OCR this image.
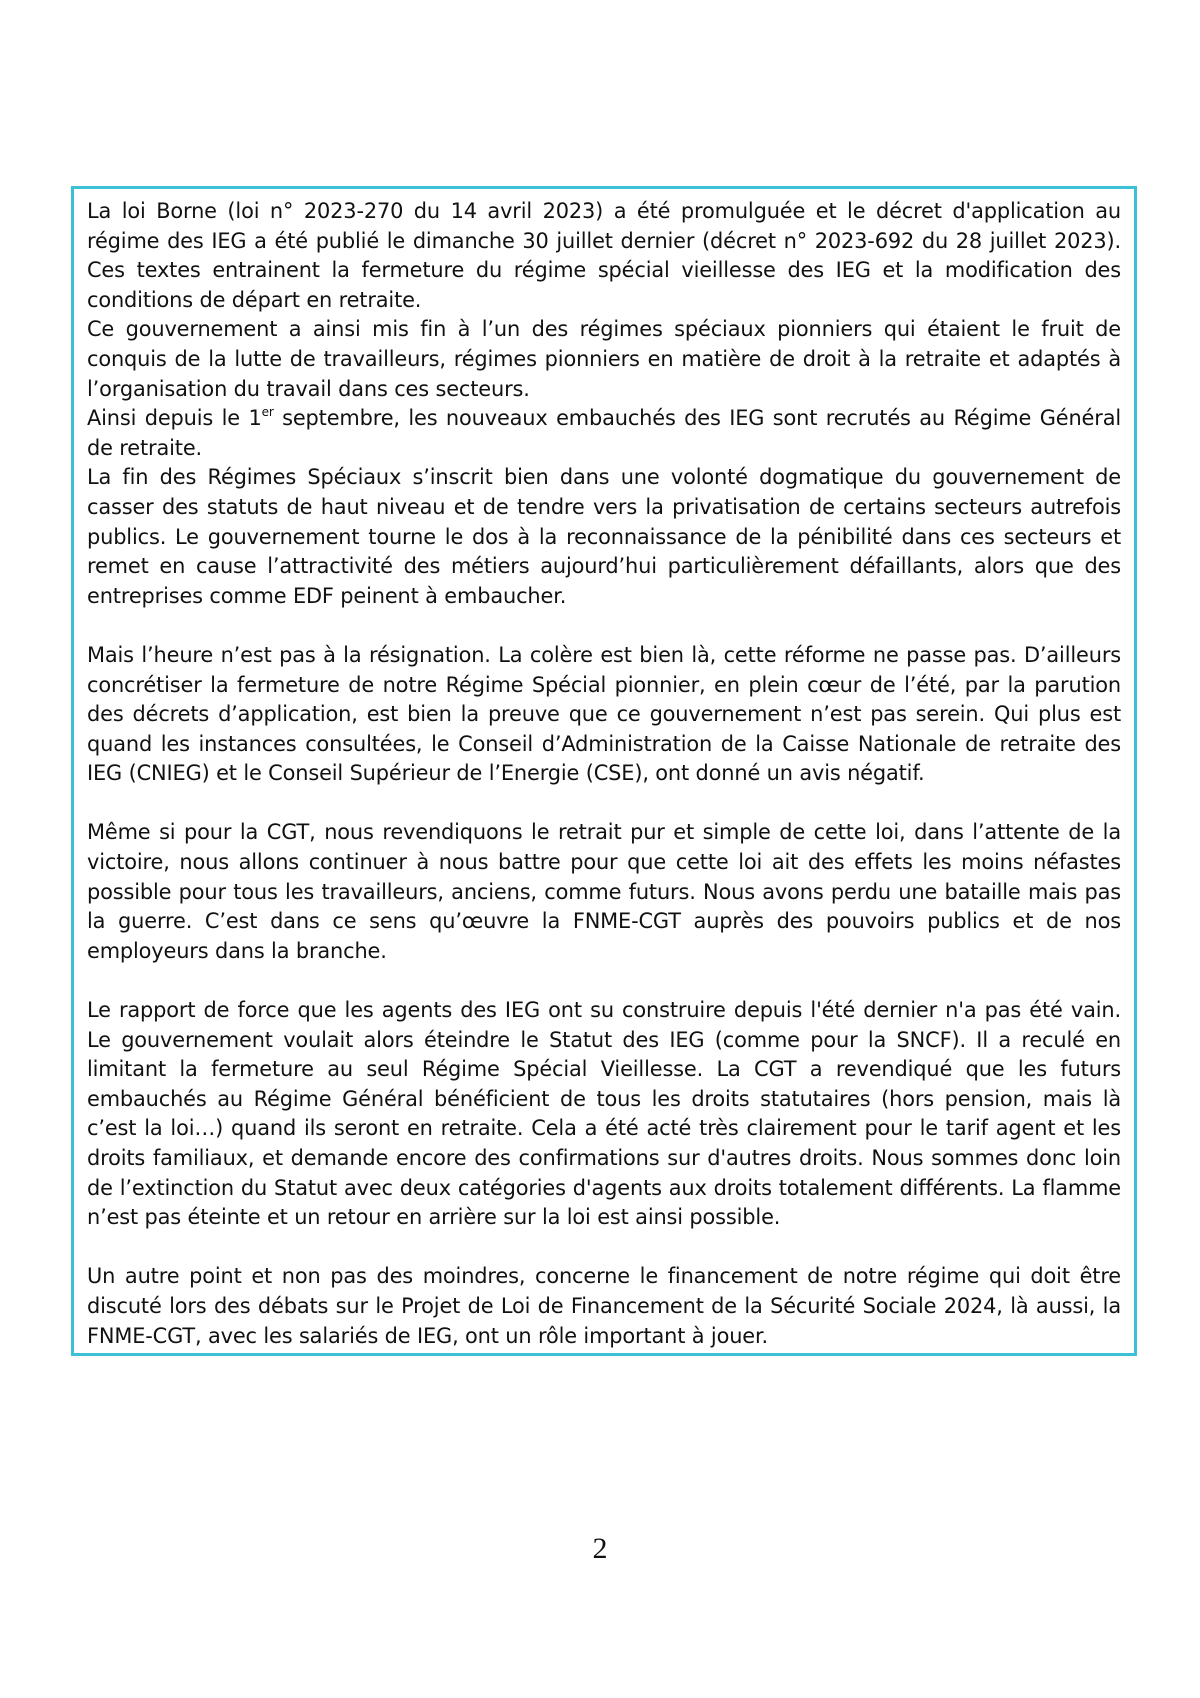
La loi Borne (loi n° 2023-270 du 14 avril 2023) a été promulguée et le décret d'application au régime des IEG a été publié le dimanche 30 juillet dernier (décret n° 2023-692 du 28 juillet 2023). Ces textes entrainent la fermeture du régime spécial vieillesse des IEG et la modification des conditions de départ en retraite.

Ce gouvernement a ainsi mis fin à l’un des régimes spéciaux pionniers qui étaient le fruit de conquis de la lutte de travailleurs, régimes pionniers en matière de droit à la retraite et adaptés à l’organisation du travail dans ces secteurs.

Ainsi depuis le 1er septembre, les nouveaux embauchés des IEG sont recrutés au Régime Général de retraite.

La fin des Régimes Spéciaux s’inscrit bien dans une volonté dogmatique du gouvernement de casser des statuts de haut niveau et de tendre vers la privatisation de certains secteurs autrefois publics. Le gouvernement tourne le dos à la reconnaissance de la pénibilité dans ces secteurs et remet en cause l’attractivité des métiers aujourd’hui particulièrement défaillants, alors que des entreprises comme EDF peinent à embaucher.

Mais l’heure n’est pas à la résignation. La colère est bien là, cette réforme ne passe pas. D’ailleurs concrétiser la fermeture de notre Régime Spécial pionnier, en plein cœur de l’été, par la parution des décrets d’application, est bien la preuve que ce gouvernement n’est pas serein. Qui plus est quand les instances consultées, le Conseil d’Administration de la Caisse Nationale de retraite des IEG (CNIEG) et le Conseil Supérieur de l’Energie (CSE), ont donné un avis négatif.

Même si pour la CGT, nous revendiquons le retrait pur et simple de cette loi, dans l’attente de la victoire, nous allons continuer à nous battre pour que cette loi ait des effets les moins néfastes possible pour tous les travailleurs, anciens, comme futurs. Nous avons perdu une bataille mais pas la guerre. C’est dans ce sens qu’œuvre la FNME-CGT auprès des pouvoirs publics et de nos employeurs dans la branche.

Le rapport de force que les agents des IEG ont su construire depuis l'été dernier n'a pas été vain. Le gouvernement voulait alors éteindre le Statut des IEG (comme pour la SNCF). Il a reculé en limitant la fermeture au seul Régime Spécial Vieillesse. La CGT a revendiqué que les futurs embauchés au Régime Général bénéficient de tous les droits statutaires (hors pension, mais là c’est la loi…) quand ils seront en retraite. Cela a été acté très clairement pour le tarif agent et les droits familiaux, et demande encore des confirmations sur d'autres droits. Nous sommes donc loin de l’extinction du Statut avec deux catégories d'agents aux droits totalement différents. La flamme n’est pas éteinte et un retour en arrière sur la loi est ainsi possible.

Un autre point et non pas des moindres, concerne le financement de notre régime qui doit être discuté lors des débats sur le Projet de Loi de Financement de la Sécurité Sociale 2024, là aussi, la FNME-CGT, avec les salariés de IEG, ont un rôle important à jouer.

2
